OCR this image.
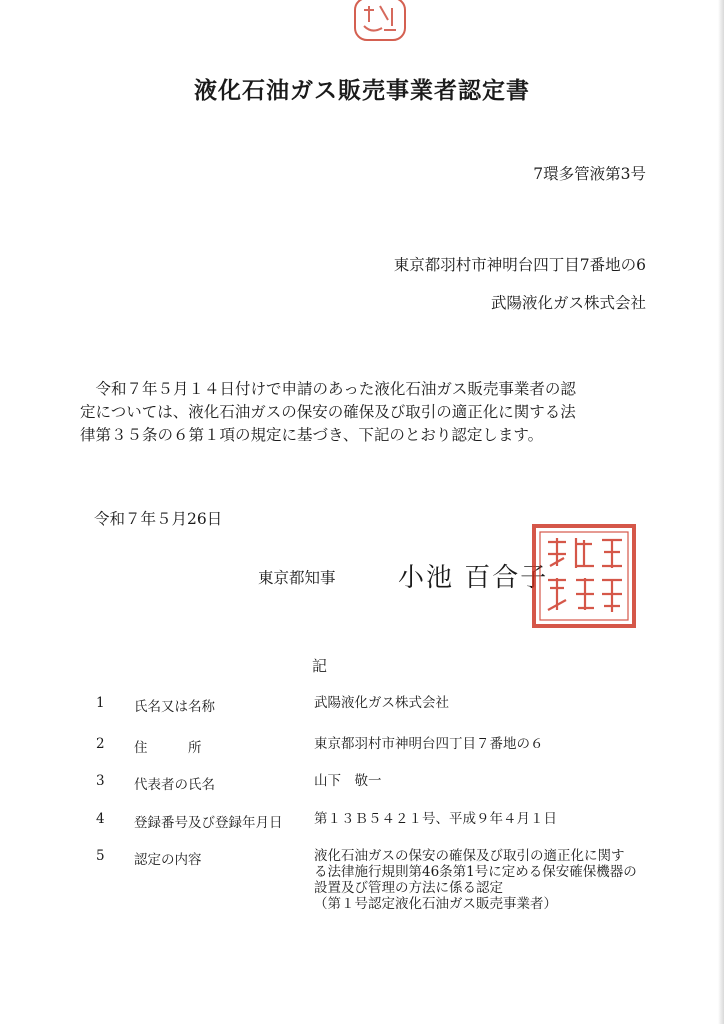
液化石油ガス販売事業者認定書
7環多管液第3号
東京都羽村市神明台四丁目7番地の6
武陽液化ガス株式会社

　令和７年５月１４日付けで申請のあった液化石油ガス販売事業者の認

定については、液化石油ガスの保安の確保及び取引の適正化に関する法

律第３５条の６第１項の規定に基づき、下記のとおり認定します。

令和７年５月26日
東京都知事 小池 百合子
記
1 氏名又は名称	武陽液化ガス株式会社

2 住　　　所	東京都羽村市神明台四丁目７番地の６

3 代表者の氏名	山下　敬一

4 登録番号及び登録年月日 第１３Ｂ５４２１号、平成９年４月１日

5 認定の内容	液化石油ガスの保安の確保及び取引の適正化に関す

る法律施行規則第46条第1号に定める保安確保機器の

設置及び管理の方法に係る認定

（第１号認定液化石油ガス販売事業者）
